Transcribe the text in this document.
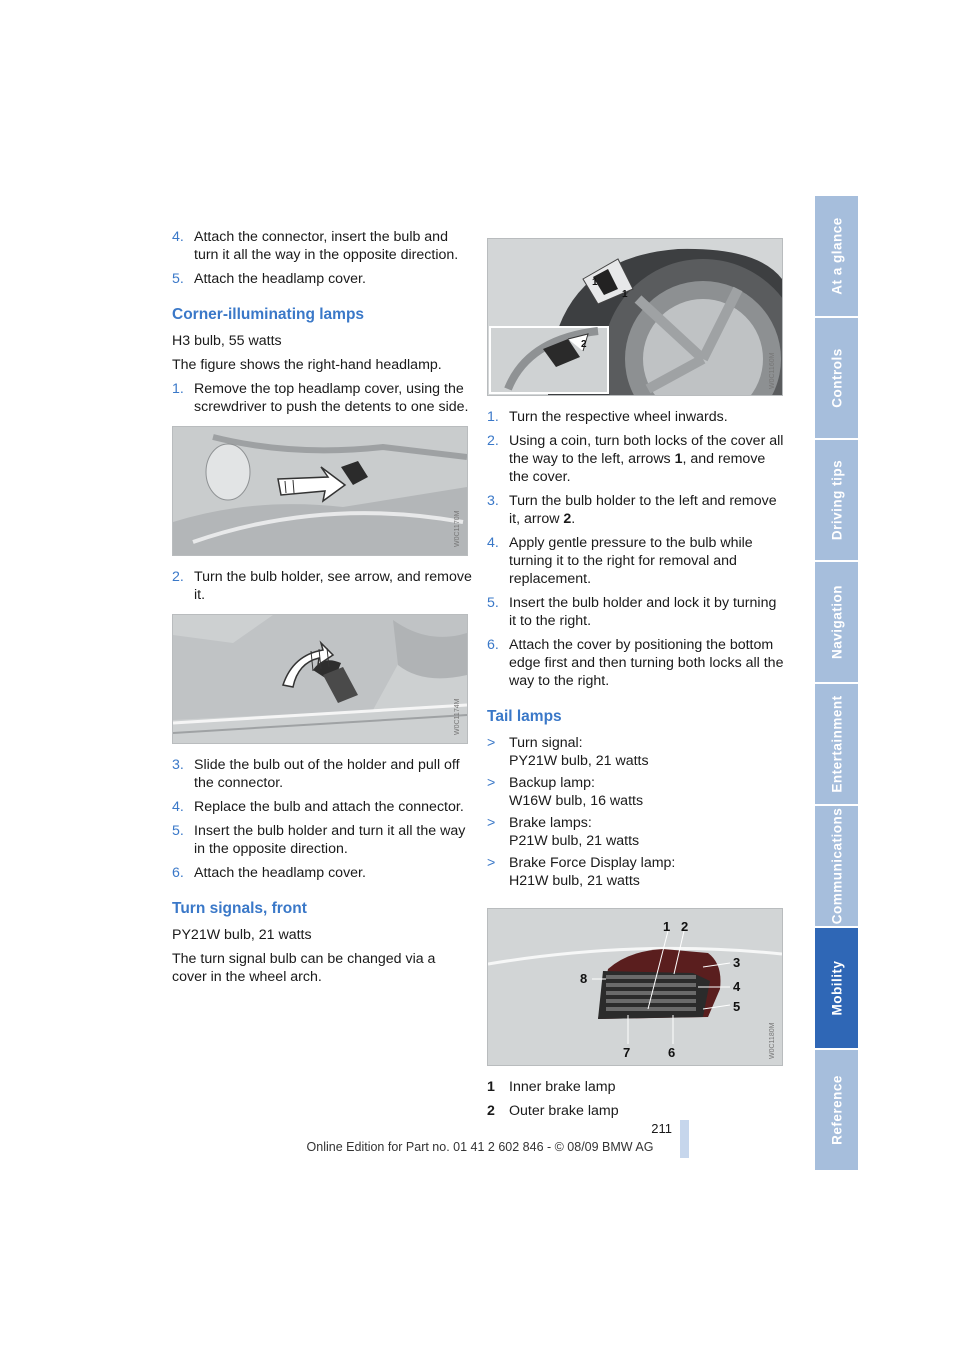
4. Attach the connector, insert the bulb and turn it all the way in the opposite direction.
5. Attach the headlamp cover.
Corner-illuminating lamps

H3 bulb, 55 watts

The figure shows the right-hand headlamp.

1. Remove the top headlamp cover, using the screwdriver to push the detents to one side.
W0C1170M
2. Turn the bulb holder, see arrow, and remove it.
W0C1174M
3. Slide the bulb out of the holder and pull off the connector.
4. Replace the bulb and attach the connector.
5. Insert the bulb holder and turn it all the way in the opposite direction.
6. Attach the headlamp cover.
Turn signals, front

PY21W bulb, 21 watts

The turn signal bulb can be changed via a cover in the wheel arch.

1
1
2
W0C1160M
1. Turn the respective wheel inwards.
2. Using a coin, turn both locks of the cover all the way to the left, arrows 1, and remove the cover.
3. Turn the bulb holder to the left and remove it, arrow 2.
4. Apply gentle pressure to the bulb while turning it to the right for removal and replacement.
5. Insert the bulb holder and lock it by turning it to the right.
6. Attach the cover by positioning the bottom edge first and then turning both locks all the way to the right.
Tail lamps
> Turn signal:
PY21W bulb, 21 watts
> Backup lamp:
W16W bulb, 16 watts
> Brake lamps:
P21W bulb, 21 watts
> Brake Force Display lamp:
H21W bulb, 21 watts
1 2
3
4
5
6
7
8
W0C1180M
1 Inner brake lamp
2 Outer brake lamp
At a glance
Controls
Driving tips
Navigation
Entertainment
Communications
Mobility
Reference
211
Online Edition for Part no. 01 41 2 602 846 - © 08/09 BMW AG
